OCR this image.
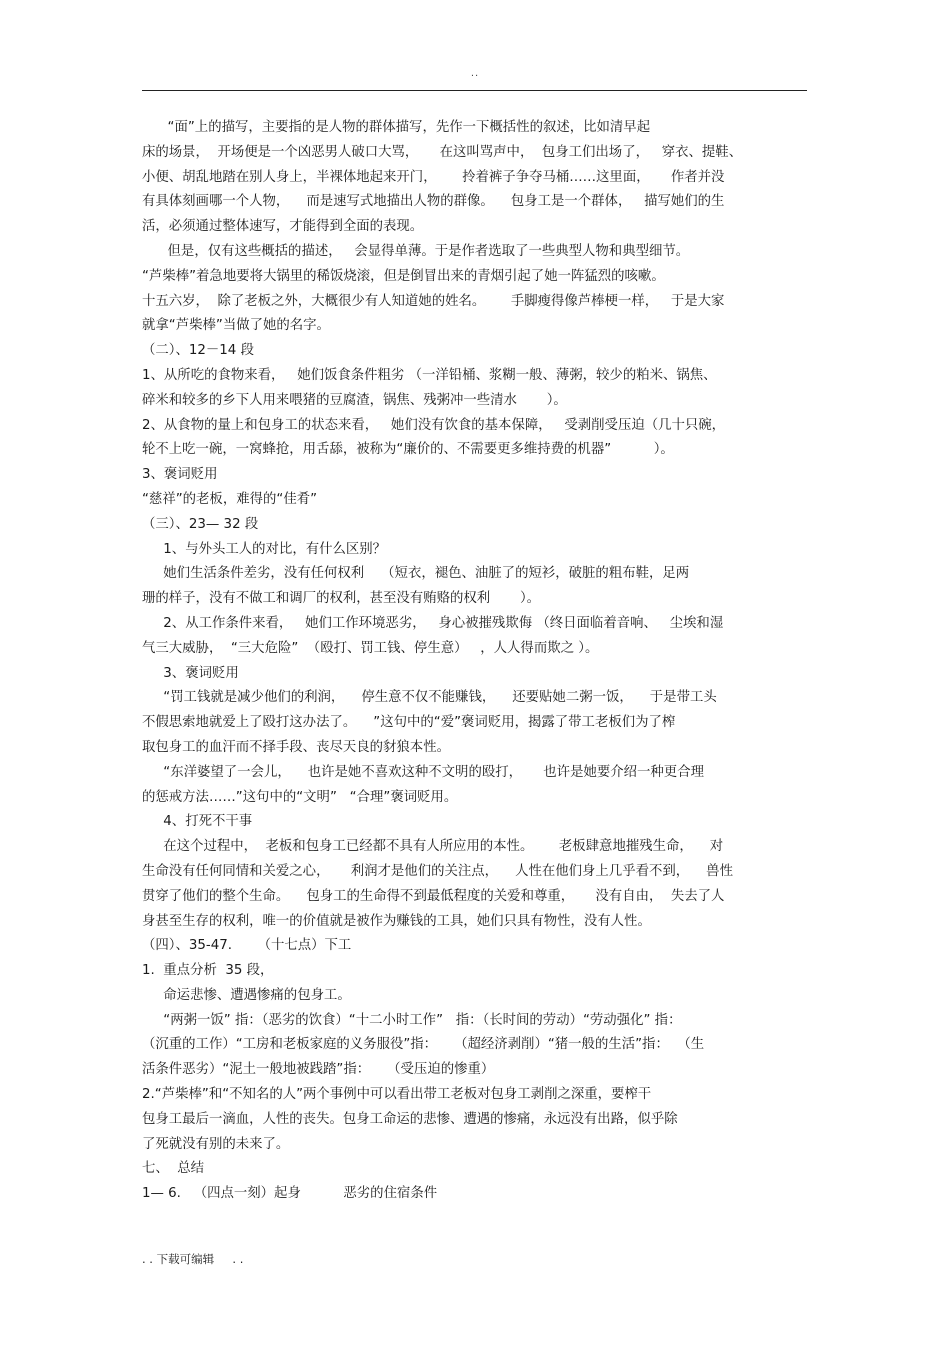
..
“面”上的描写，主要指的是人物的群体描写，先作一下概括性的叙述，比如清早起
床的场景，  开场便是一个凶恶男人破口大骂，     在这叫骂声中，  包身工们出场了，   穿衣、提鞋、
小便、胡乱地踏在别人身上，半裸体地起来开门，      拎着裤子争夺马桶……这里面，     作者并没
有具体刻画哪一个人物，    而是速写式地描出人物的群像。    包身工是一个群体，   描写她们的生
活，必须通过整体速写，才能得到全面的表现。
但是，仅有这些概括的描述，   会显得单薄。于是作者选取了一些典型人物和典型细节。
“芦柴棒”着急地要将大锅里的稀饭烧滚，但是倒冒出来的青烟引起了她一阵猛烈的咳嗽。
十五六岁，  除了老板之外，大概很少有人知道她的姓名。      手脚瘦得像芦棒梗一样，   于是大家
就拿“芦柴棒”当做了她的名字。
（二）、12－14 段
1、从所吃的食物来看，   她们饭食条件粗劣 （一洋铅桶、浆糊一般、薄粥，较少的粕米、锅焦、
碎米和较多的乡下人用来喂猪的豆腐渣，锅焦、残粥冲一些清水       ）。
2、从食物的量上和包身工的状态来看，   她们没有饮食的基本保障，   受剥削受压迫（几十只碗，
轮不上吃一碗，一窝蜂抢，用舌舔，被称为“廉价的、不需要更多维持费的机器”          ）。
3、褒词贬用
“慈祥”的老板，难得的“佳肴”
（三）、23— 32 段
1、与外头工人的对比，有什么区别？
她们生活条件差劣，没有任何权利    （短衣，褪色、油脏了的短衫，破脏的粗布鞋，足两
珊的样子，没有不做工和调厂的权利，甚至没有贿赂的权利       ）。
2、从工作条件来看，   她们工作环境恶劣，   身心被摧残欺侮 （终日面临着音响、   尘埃和湿
气三大威胁，  “三大危险”  （殴打、罚工钱、停生意）   ，人人得而欺之 ）。
3、褒词贬用
“罚工钱就是减少他们的利润，    停生意不仅不能赚钱，    还要贴她二粥一饭，    于是带工头
不假思索地就爱上了殴打这办法了。    ”这句中的“爱”褒词贬用，揭露了带工老板们为了榨
取包身工的血汗而不择手段、丧尽天良的豺狼本性。
“东洋婆望了一会儿，    也许是她不喜欢这种不文明的殴打，     也许是她要介绍一种更合理
的惩戒方法……”这句中的“文明”   “合理”褒词贬用。
4、打死不干事
在这个过程中，  老板和包身工已经都不具有人所应用的本性。      老板肆意地摧残生命，    对
生命没有任何同情和关爱之心，     利润才是他们的关注点，    人性在他们身上几乎看不到，    兽性
贯穿了他们的整个生命。    包身工的生命得不到最低程度的关爱和尊重，     没有自由，  失去了人
身甚至生存的权利，唯一的价值就是被作为赚钱的工具，她们只具有物性，没有人性。
（四）、35-47.      （十七点）下工
1.  重点分析  35 段，
命运悲惨、遭遇惨痛的包身工。
“两粥一饭” 指：（恶劣的饮食）“十二小时工作”   指：（长时间的劳动）“劳动强化” 指：
（沉重的工作）“工房和老板家庭的义务服役”指：    （超经济剥削）“猪一般的生活”指：  （生
活条件恶劣）“泥土一般地被践踏”指：    （受压迫的惨重）
2.“芦柴棒”和“不知名的人”两个事例中可以看出带工老板对包身工剥削之深重，要榨干
包身工最后一滴血，人性的丧失。包身工命运的悲惨、遭遇的惨痛，永远没有出路，似乎除
了死就没有别的未来了。
七、  总结
1— 6.   （四点一刻）起身          恶劣的住宿条件
. . 下载可编辑     . .
